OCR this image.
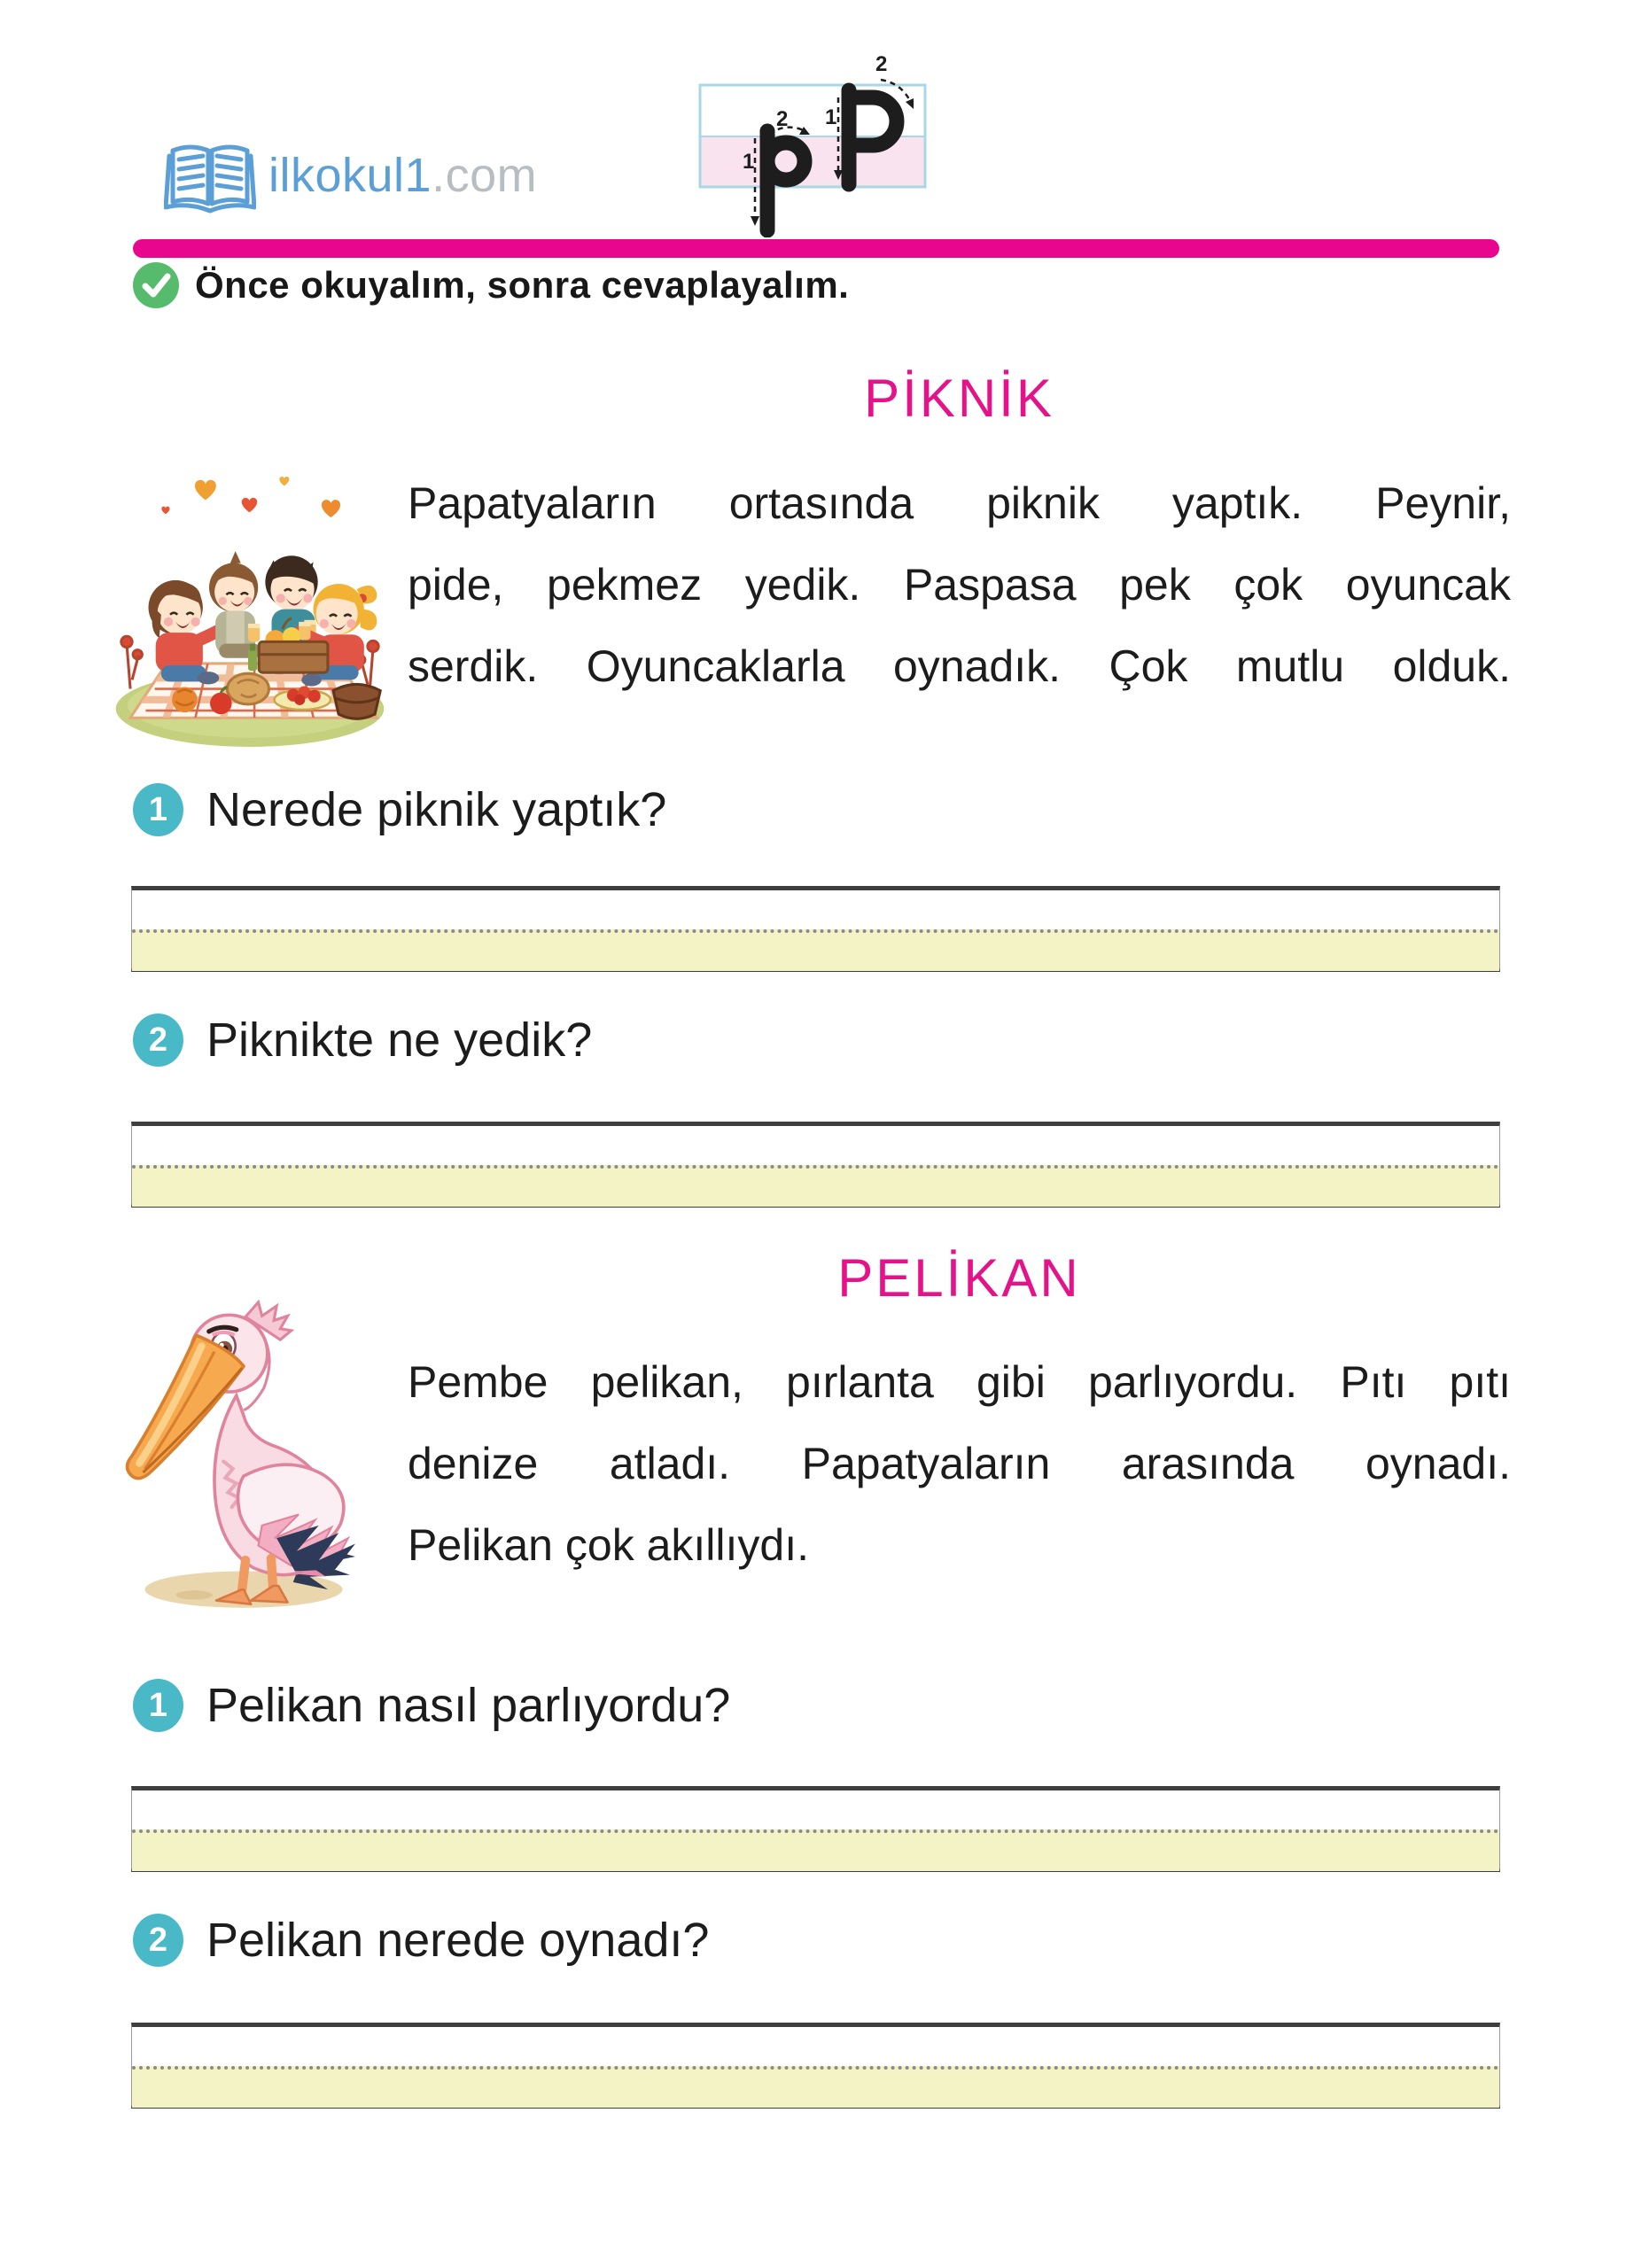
ilkokul1.com	1
2 1
2
Önce okuyalım, sonra cevaplayalım.
PİKNİK
Papatyaların ortasında piknik yaptık. Peynir,
pide, pekmez yedik. Paspasa pek çok oyuncak
serdik. Oyuncaklarla oynadık. Çok mutlu olduk.
1 Nerede piknik yaptık?
2 Piknikte ne yedik?
PELİKAN
Pembe pelikan, pırlanta gibi parlıyordu. Pıtı pıtı
denize atladı. Papatyaların arasında oynadı.
Pelikan çok akıllıydı.
1 Pelikan nasıl parlıyordu?
2 Pelikan nerede oynadı?
